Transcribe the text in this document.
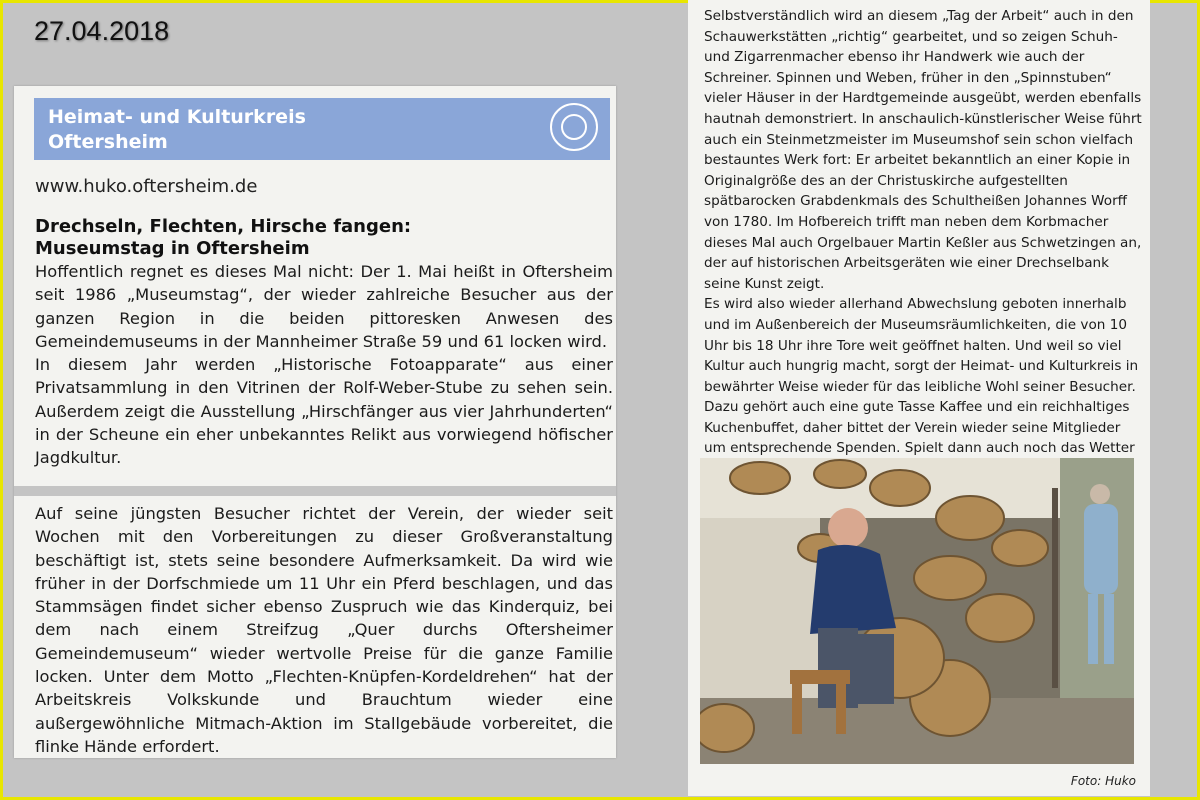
27.04.2018
Heimat- und Kulturkreis
Oftersheim
www.huko.oftersheim.de
Drechseln, Flechten, Hirsche fangen:
Museumstag in Oftersheim

Hoffentlich regnet es dieses Mal nicht: Der 1. Mai heißt in Oftersheim seit 1986 „Museumstag“, der wieder zahlreiche Besucher aus der ganzen Region in die beiden pittoresken Anwesen des Gemeindemuseums in der Mannheimer Straße 59 und 61 locken wird.

In diesem Jahr werden „Historische Fotoapparate“ aus einer Privatsammlung in den Vitrinen der Rolf-Weber-Stube zu sehen sein. Außerdem zeigt die Ausstellung „Hirschfänger aus vier Jahrhunderten“ in der Scheune ein eher unbekanntes Relikt aus vorwiegend höfischer Jagdkultur.

Auf seine jüngsten Besucher richtet der Verein, der wieder seit Wochen mit den Vorbereitungen zu dieser Großveranstaltung beschäftigt ist, stets seine besondere Aufmerksamkeit. Da wird wie früher in der Dorfschmiede um 11 Uhr ein Pferd beschlagen, und das Stammsägen findet sicher ebenso Zuspruch wie das Kinderquiz, bei dem nach einem Streifzug „Quer durchs Oftersheimer Gemeindemuseum“ wieder wertvolle Preise für die ganze Familie locken. Unter dem Motto „Flechten-Knüpfen-Kordeldrehen“ hat der Arbeitskreis Volkskunde und Brauchtum wieder eine außergewöhnliche Mitmach-Aktion im Stallgebäude vorbereitet, die flinke Hände erfordert.

Selbstverständlich wird an diesem „Tag der Arbeit“ auch in den Schauwerkstätten „richtig“ gearbeitet, und so zeigen Schuh- und Zigarrenmacher ebenso ihr Handwerk wie auch der Schreiner. Spinnen und Weben, früher in den „Spinnstuben“ vieler Häuser in der Hardtgemeinde ausgeübt, werden ebenfalls hautnah demonstriert. In anschaulich-künstlerischer Weise führt auch ein Steinmetzmeister im Museumshof sein schon vielfach bestauntes Werk fort: Er arbeitet bekanntlich an einer Kopie in Originalgröße des an der Christuskirche aufgestellten spätbarocken Grabdenkmals des Schultheißen Johannes Worff von 1780. Im Hofbereich trifft man neben dem Korbmacher dieses Mal auch Orgelbauer Martin Keßler aus Schwetzingen an, der auf historischen Arbeitsgeräten wie einer Drechselbank seine Kunst zeigt.

Es wird also wieder allerhand Abwechslung geboten innerhalb und im Außenbereich der Museumsräumlichkeiten, die von 10 Uhr bis 18 Uhr ihre Tore weit geöffnet halten. Und weil so viel Kultur auch hungrig macht, sorgt der Heimat- und Kulturkreis in bewährter Weise wieder für das leibliche Wohl seiner Besucher. Dazu gehört auch eine gute Tasse Kaffee und ein reichhaltiges Kuchenbuffet, daher bittet der Verein wieder seine Mitglieder um entsprechende Spenden. Spielt dann auch noch das Wetter

Foto: Huko
